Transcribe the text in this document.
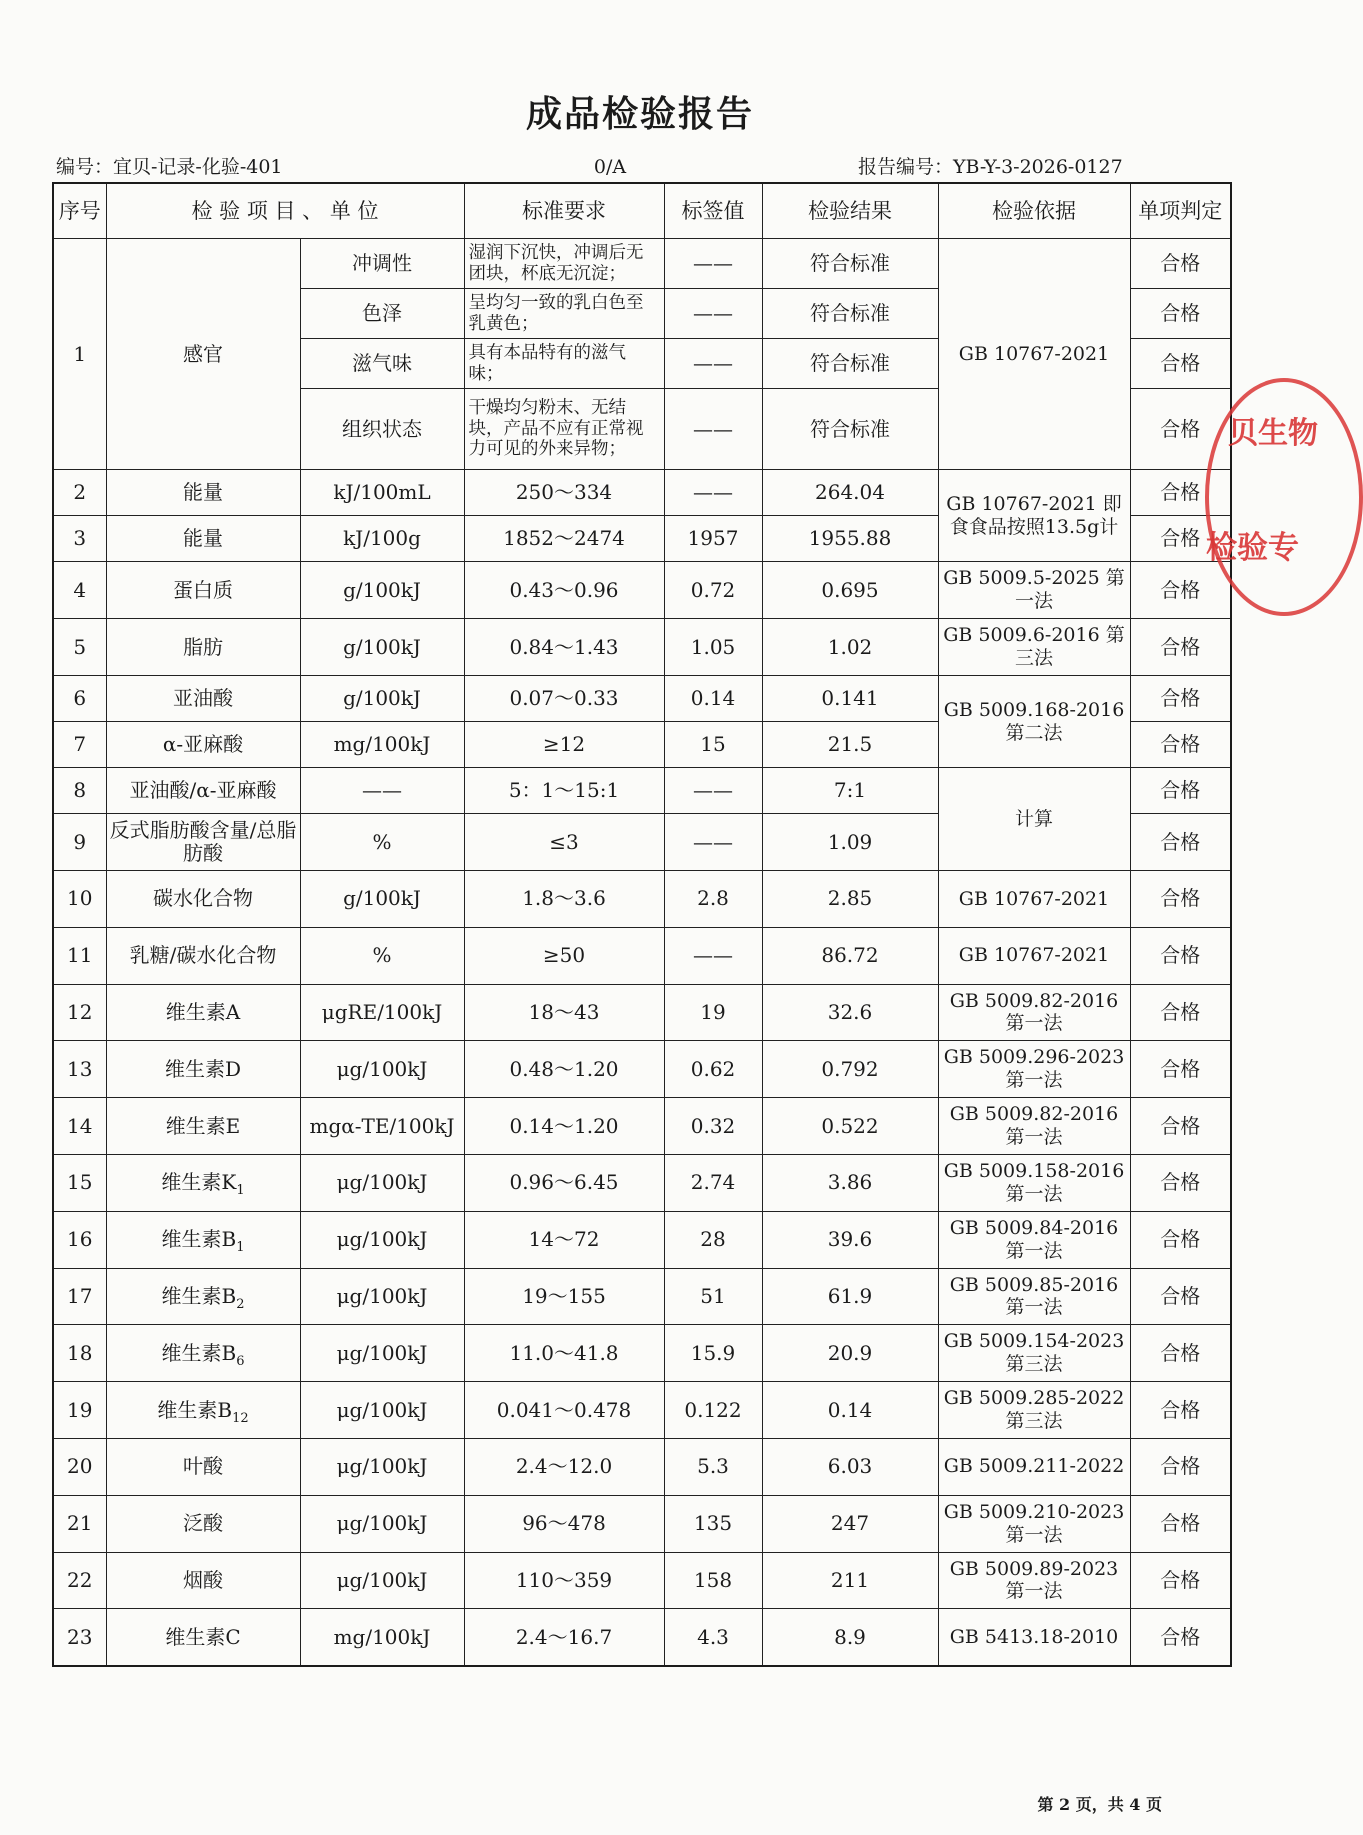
成品检验报告
编号：宜贝-记录-化验-401	0/A	报告编号：YB-Y-3-2026-0127
序号	检 验 项 目 、 单 位		标准要求	标签值	检验结果	检验依据	单项判定
1	感官	冲调性	湿润下沉快，冲调后无团块，杯底无沉淀；	——	符合标准	GB 10767-2021	合格
		色泽	呈均匀一致的乳白色至乳黄色；	——	符合标准		合格
		滋气味	具有本品特有的滋气味；	——	符合标准		合格
		组织状态	干燥均匀粉末、无结块，产品不应有正常视力可见的外来异物；	——	符合标准		合格
2	能量	kJ/100mL	250～334	——	264.04	GB 10767-2021 即食食品按照13.5g计	合格
3	能量	kJ/100g	1852～2474	1957	1955.88		合格
4	蛋白质	g/100kJ	0.43～0.96	0.72	0.695	GB 5009.5-2025 第一法	合格
5	脂肪	g/100kJ	0.84～1.43	1.05	1.02	GB 5009.6-2016 第三法	合格
6	亚油酸	g/100kJ	0.07～0.33	0.14	0.141	GB 5009.168-2016 第二法	合格
7	α-亚麻酸	mg/100kJ	≥12	15	21.5		合格
8	亚油酸/α-亚麻酸	——	5：1～15:1	——	7:1	计算	合格
9	反式脂肪酸含量/总脂肪酸	%	≤3	——	1.09		合格
10	碳水化合物	g/100kJ	1.8～3.6	2.8	2.85	GB 10767-2021	合格
11	乳糖/碳水化合物	%	≥50	——	86.72	GB 10767-2021	合格
12	维生素A	μgRE/100kJ	18～43	19	32.6	GB 5009.82-2016 第一法	合格
13	维生素D	μg/100kJ	0.48～1.20	0.62	0.792	GB 5009.296-2023 第一法	合格
14	维生素E	mgα-TE/100kJ	0.14～1.20	0.32	0.522	GB 5009.82-2016 第一法	合格
15	维生素$K_1$	μg/100kJ	0.96～6.45	2.74	3.86	GB 5009.158-2016 第一法	合格
16	维生素$B_1$	μg/100kJ	14～72	28	39.6	GB 5009.84-2016 第一法	合格
17	维生素$B_2$	μg/100kJ	19～155	51	61.9	GB 5009.85-2016 第一法	合格
18	维生素$B_6$	μg/100kJ	11.0～41.8	15.9	20.9	GB 5009.154-2023 第三法	合格
19	维生素$B_{12}$	μg/100kJ	0.041～0.478	0.122	0.14	GB 5009.285-2022 第三法	合格
20	叶酸	μg/100kJ	2.4～12.0	5.3	6.03	GB 5009.211-2022	合格
21	泛酸	μg/100kJ	96～478	135	247	GB 5009.210-2023 第一法	合格
22	烟酸	μg/100kJ	110～359	158	211	GB 5009.89-2023 第一法	合格
23	维生素C	mg/100kJ	2.4～16.7	4.3	8.9	GB 5413.18-2010	合格
贝生物
检验专
第 2 页，共 4 页
